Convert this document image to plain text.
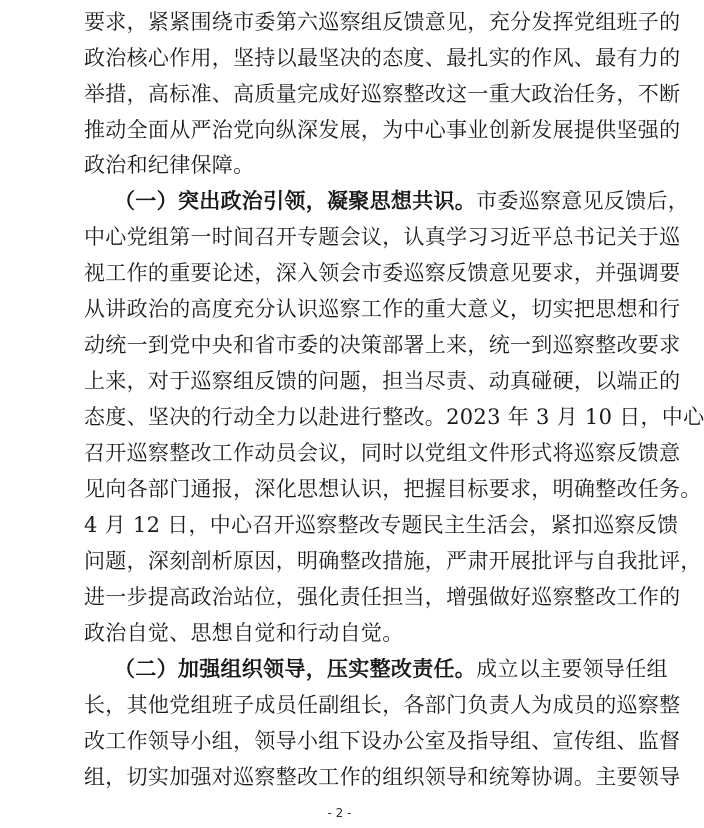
要求，紧紧围绕市委第六巡察组反馈意见，充分发挥党组班子的
政治核心作用，坚持以最坚决的态度、最扎实的作风、最有力的
举措，高标准、高质量完成好巡察整改这一重大政治任务，不断
推动全面从严治党向纵深发展，为中心事业创新发展提供坚强的
政治和纪律保障。
（一）突出政治引领，凝聚思想共识。市委巡察意见反馈后，
中心党组第一时间召开专题会议，认真学习习近平总书记关于巡
视工作的重要论述，深入领会市委巡察反馈意见要求，并强调要
从讲政治的高度充分认识巡察工作的重大意义，切实把思想和行
动统一到党中央和省市委的决策部署上来，统一到巡察整改要求
上来，对于巡察组反馈的问题，担当尽责、动真碰硬，以端正的
态度、坚决的行动全力以赴进行整改。2023 年 3 月 10 日，中心
召开巡察整改工作动员会议，同时以党组文件形式将巡察反馈意
见向各部门通报，深化思想认识，把握目标要求，明确整改任务。
4 月 12 日，中心召开巡察整改专题民主生活会，紧扣巡察反馈
问题，深刻剖析原因，明确整改措施，严肃开展批评与自我批评，
进一步提高政治站位，强化责任担当，增强做好巡察整改工作的
政治自觉、思想自觉和行动自觉。
（二）加强组织领导，压实整改责任。成立以主要领导任组
长，其他党组班子成员任副组长，各部门负责人为成员的巡察整
改工作领导小组，领导小组下设办公室及指导组、宣传组、监督
组，切实加强对巡察整改工作的组织领导和统筹协调。主要领导
- 2 -
